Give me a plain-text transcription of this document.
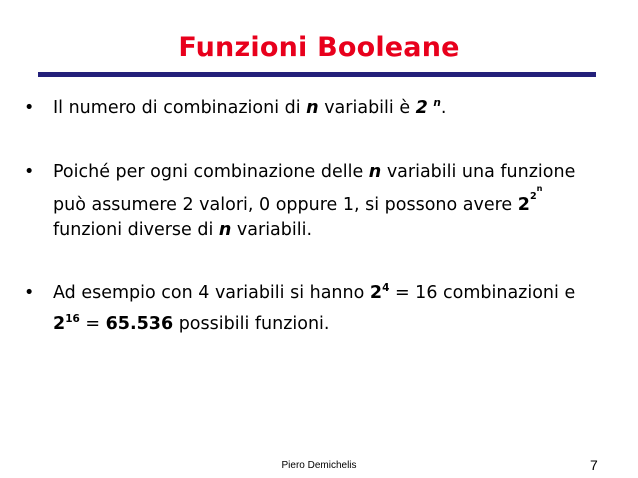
Funzioni Booleane
• Il numero di combinazioni di n variabili è 2 $^n$.
• Poiché per ogni combinazione delle n variabili una funzione
può assumere 2 valori, 0 oppure 1, si possono avere $2^{2^n}$
funzioni diverse di n variabili.
• Ad esempio con 4 variabili si hanno $2^4 = 16$ combinazioni e
$2^{16} = 65.536$ possibili funzioni.
Piero Demichelis	7
